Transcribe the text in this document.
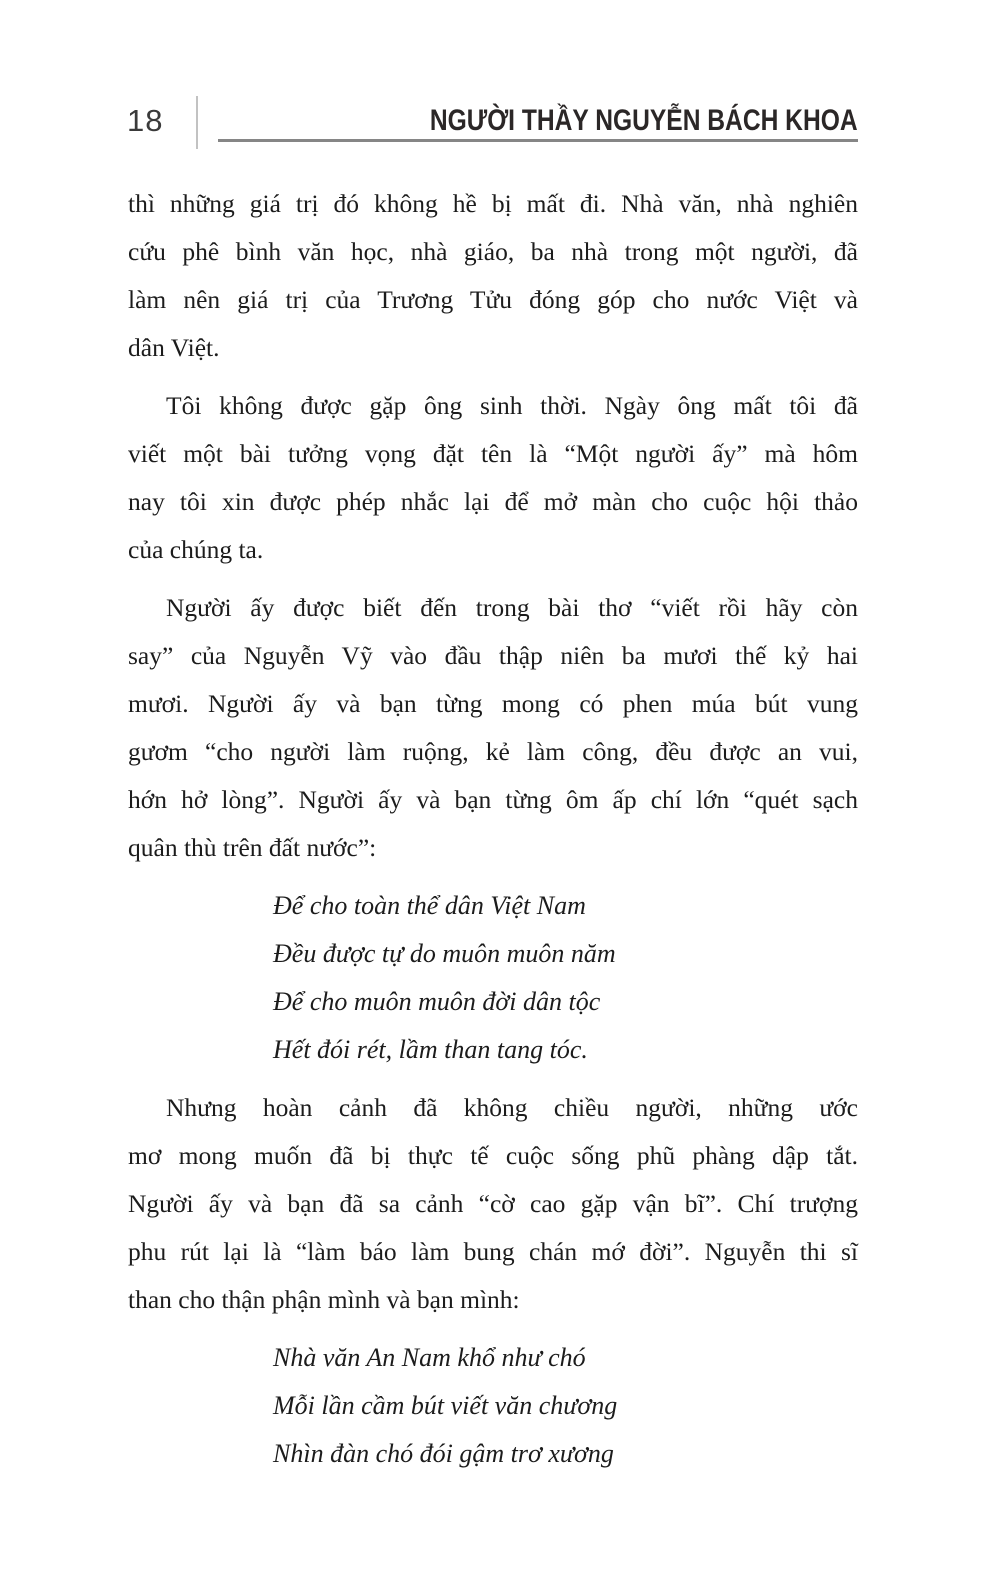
18	NGƯỜI THẦY NGUYỄN BÁCH KHOA
thì những giá trị đó không hề bị mất đi. Nhà văn, nhà nghiên
cứu phê bình văn học, nhà giáo, ba nhà trong một người, đã
làm nên giá trị của Trương Tửu đóng góp cho nước Việt và
dân Việt.
Tôi không được gặp ông sinh thời. Ngày ông mất tôi đã
viết một bài tưởng vọng đặt tên là “Một người ấy” mà hôm
nay tôi xin được phép nhắc lại để mở màn cho cuộc hội thảo
của chúng ta.
Người ấy được biết đến trong bài thơ “viết rồi hãy còn
say” của Nguyễn Vỹ vào đầu thập niên ba mươi thế kỷ hai
mươi. Người ấy và bạn từng mong có phen múa bút vung
gươm “cho người làm ruộng, kẻ làm công, đều được an vui,
hớn hở lòng”. Người ấy và bạn từng ôm ấp chí lớn “quét sạch
quân thù trên đất nước”:
Để cho toàn thể dân Việt Nam
Đều được tự do muôn muôn năm
Để cho muôn muôn đời dân tộc
Hết đói rét, lầm than tang tóc.
Nhưng hoàn cảnh đã không chiều người, những ước
mơ mong muốn đã bị thực tế cuộc sống phũ phàng dập tắt.
Người ấy và bạn đã sa cảnh “cờ cao gặp vận bĩ”. Chí trượng
phu rút lại là “làm báo làm bung chán mớ đời”. Nguyễn thi sĩ
than cho thận phận mình và bạn mình:
Nhà văn An Nam khổ như chó
Mỗi lần cầm bút viết văn chương
Nhìn đàn chó đói gậm trơ xương
